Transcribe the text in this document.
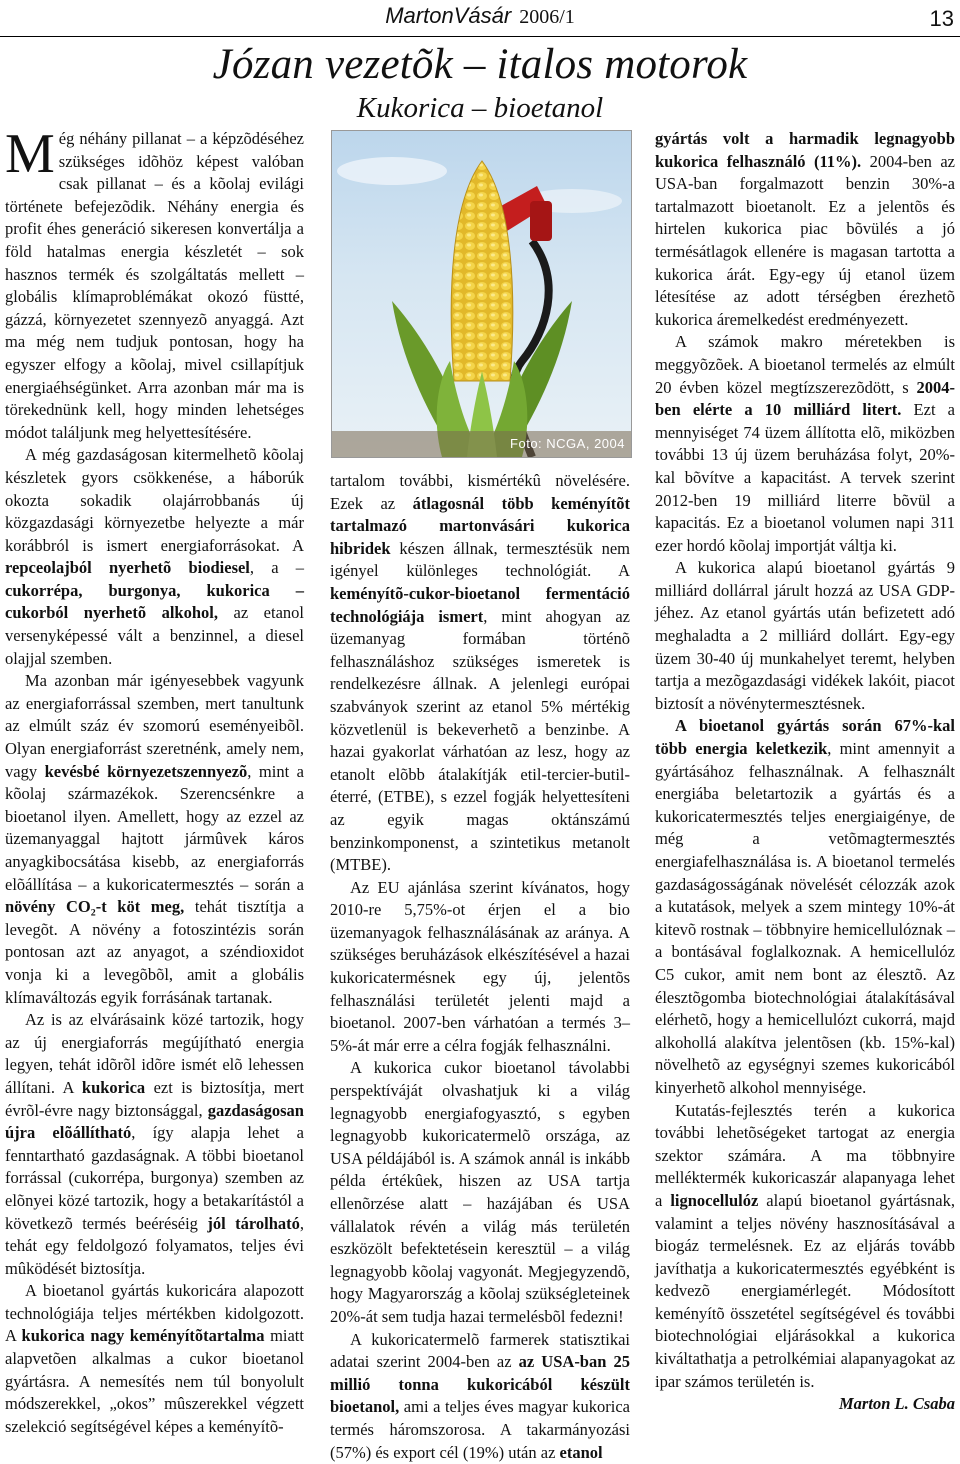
MartonVásár 2006/1	13
Józan vezetõk – italos motorok
Kukorica – bioetanol
Foto: NCGA, 2004

Még néhány pillanat – a képzõdéséhez szükséges idõhöz képest valóban csak pillanat – és a kõolaj evilági története befejezõdik. Néhány energia és profit éhes generáció sikeresen konvertálja a föld hatalmas energia készletét – sok hasznos termék és szolgáltatás mellett – globális klímaproblémákat okozó füstté, gázzá, környezetet szennyezõ anyaggá. Azt ma még nem tudjuk pontosan, hogy ha egyszer elfogy a kõolaj, mivel csillapítjuk energiaéhségünket. Arra azonban már ma is törekednünk kell, hogy minden lehetséges módot találjunk meg helyettesítésére.

A még gazdaságosan kitermelhetõ kõolaj készletek gyors csökkenése, a háborúk okozta sokadik olajárrobbanás új közgazdasági környezetbe helyezte a már korábbról is ismert energiaforrásokat. A repceolajból nyerhetõ biodiesel, a – cukorrépa, burgonya, kukorica – cukorból nyerhetõ alkohol, az etanol versenyképessé vált a benzinnel, a diesel olajjal szemben.

Ma azonban már igényesebbek vagyunk az energiaforrással szemben, mert tanultunk az elmúlt száz év szomorú eseményeibõl. Olyan energiaforrást szeretnénk, amely nem, vagy kevésbé környezetszennyezõ, mint a kõolaj származékok. Szerencsénkre a bioetanol ilyen. Amellett, hogy az ezzel az üzemanyaggal hajtott jármûvek káros anyagkibocsátása kisebb, az energiaforrás elõállítása – a kukoricatermesztés – során a növény CO₂-t köt meg, tehát tisztítja a levegõt. A növény a fotoszintézis során pontosan azt az anyagot, a széndioxidot vonja ki a levegõbõl, amit a globális klímaváltozás egyik forrásának tartanak.

Az is az elvárásaink közé tartozik, hogy az új energiaforrás megújítható energia legyen, tehát idõrõl idõre ismét elõ lehessen állítani. A kukorica ezt is biztosítja, mert évrõl-évre nagy biztonsággal, gazdaságosan újra elõállítható, így alapja lehet a fenntartható gazdaságnak. A többi bioetanol forrással (cukorrépa, burgonya) szemben az elõnyei közé tartozik, hogy a betakarítástól a következõ termés beéréséig jól tárolható, tehát egy feldolgozó folyamatos, teljes évi mûködését biztosítja.

A bioetanol gyártás kukoricára alapozott technológiája teljes mértékben kidolgozott. A kukorica nagy keményítõtartalma miatt alapvetõen alkalmas a cukor bioetanol gyártásra. A nemesítés nem túl bonyolult módszerekkel, „okos” mûszerekkel végzett szelekció segítségével képes a keményítõ-

tartalom további, kismértékû növelésére. Ezek az átlagosnál több keményítõt tartalmazó martonvásári kukorica hibridek készen állnak, termesztésük nem igényel különleges technológiát. A keményítõ-cukor-bioetanol fermentáció technológiája ismert, mint ahogyan az üzemanyag formában történõ felhasználáshoz szükséges ismeretek is rendelkezésre állnak. A jelenlegi európai szabványok szerint az etanol 5% mértékig közvetlenül is bekeverhetõ a benzinbe. A hazai gyakorlat várhatóan az lesz, hogy az etanolt elõbb átalakítják etil-tercier-butil-éterré, (ETBE), s ezzel fogják helyettesíteni az egyik magas oktánszámú benzinkomponenst, a szintetikus metanolt (MTBE).

Az EU ajánlása szerint kívánatos, hogy 2010-re 5,75%-ot érjen el a bio üzemanyagok felhasználásának az aránya. A szükséges beruházások elkészítésével a hazai kukoricatermésnek egy új, jelentõs felhasználási területét jelenti majd a bioetanol. 2007-ben várhatóan a termés 3–5%-át már erre a célra fogják felhasználni.

A kukorica cukor bioetanol távolabbi perspektíváját olvashatjuk ki a világ legnagyobb energiafogyasztó, s egyben legnagyobb kukoricatermelõ országa, az USA példájából is. A számok annál is inkább példa értékûek, hiszen az USA tartja ellenõrzése alatt – hazájában és USA vállalatok révén a világ más területén eszközölt befektetésein keresztül – a világ legnagyobb kõolaj vagyonát. Megjegyzendõ, hogy Magyarország a kõolaj szükségleteinek 20%-át sem tudja hazai termelésbõl fedezni!

A kukoricatermelõ farmerek statisztikai adatai szerint 2004-ben az az USA-ban 25 millió tonna kukoricából készült bioetanol, ami a teljes éves magyar kukorica termés háromszorosa. A takarmányozási (57%) és export cél (19%) után az etanol

gyártás volt a harmadik legnagyobb kukorica felhasználó (11%). 2004-ben az USA-ban forgalmazott benzin 30%-a tartalmazott bioetanolt. Ez a jelentõs és hirtelen kukorica piac bõvülés a jó termésátlagok ellenére is magasan tartotta a kukorica árát. Egy-egy új etanol üzem létesítése az adott térségben érezhetõ kukorica áremelkedést eredményezett.

A számok makro méretekben is meggyõzõek. A bioetanol termelés az elmúlt 20 évben közel megtízszerezõdött, s 2004-ben elérte a 10 milliárd litert. Ezt a mennyiséget 74 üzem állította elõ, miközben további 13 új üzem beruházása folyt, 20%-kal bõvítve a kapacitást. A tervek szerint 2012-ben 19 milliárd literre bõvül a kapacitás. Ez a bioetanol volumen napi 311 ezer hordó kõolaj importját váltja ki.

A kukorica alapú bioetanol gyártás 9 milliárd dollárral járult hozzá az USA GDP-jéhez. Az etanol gyártás után befizetett adó meghaladta a 2 milliárd dollárt. Egy-egy üzem 30-40 új munkahelyet teremt, helyben tartja a mezõgazdasági vidékek lakóit, piacot biztosít a növénytermesztésnek.

A bioetanol gyártás során 67%-kal több energia keletkezik, mint amennyit a gyártásához felhasználnak. A felhasznált energiába beletartozik a gyártás és a kukoricatermesztés teljes energiaigénye, de még a vetõmagtermesztés energiafelhasználása is. A bioetanol termelés gazdaságosságának növelését célozzák azok a kutatások, melyek a szem mintegy 10%-át kitevõ rostnak – többnyire hemicellulóznak – a bontásával foglalkoznak. A hemicellulóz C5 cukor, amit nem bont az élesztõ. Az élesztõgomba biotechnológiai átalakításával elérhetõ, hogy a hemicellulózt cukorrá, majd alkohollá alakítva jelentõsen (kb. 15%-kal) növelhetõ az egységnyi szemes kukoricából kinyerhetõ alkohol mennyisége.

Kutatás-fejlesztés terén a kukorica további lehetõségeket tartogat az energia szektor számára. A ma többnyire melléktermék kukoricaszár alapanyaga lehet a lignocellulóz alapú bioetanol gyártásnak, valamint a teljes növény hasznosításával a biogáz termelésnek. Ez az eljárás tovább javíthatja a kukoricatermesztés egyébként is kedvezõ energiamérlegét. Módosított keményítõ összetétel segítségével és további biotechnológiai eljárásokkal a kukorica kiváltathatja a petrolkémiai alapanyagokat az ipar számos területén is.

Marton L. Csaba
